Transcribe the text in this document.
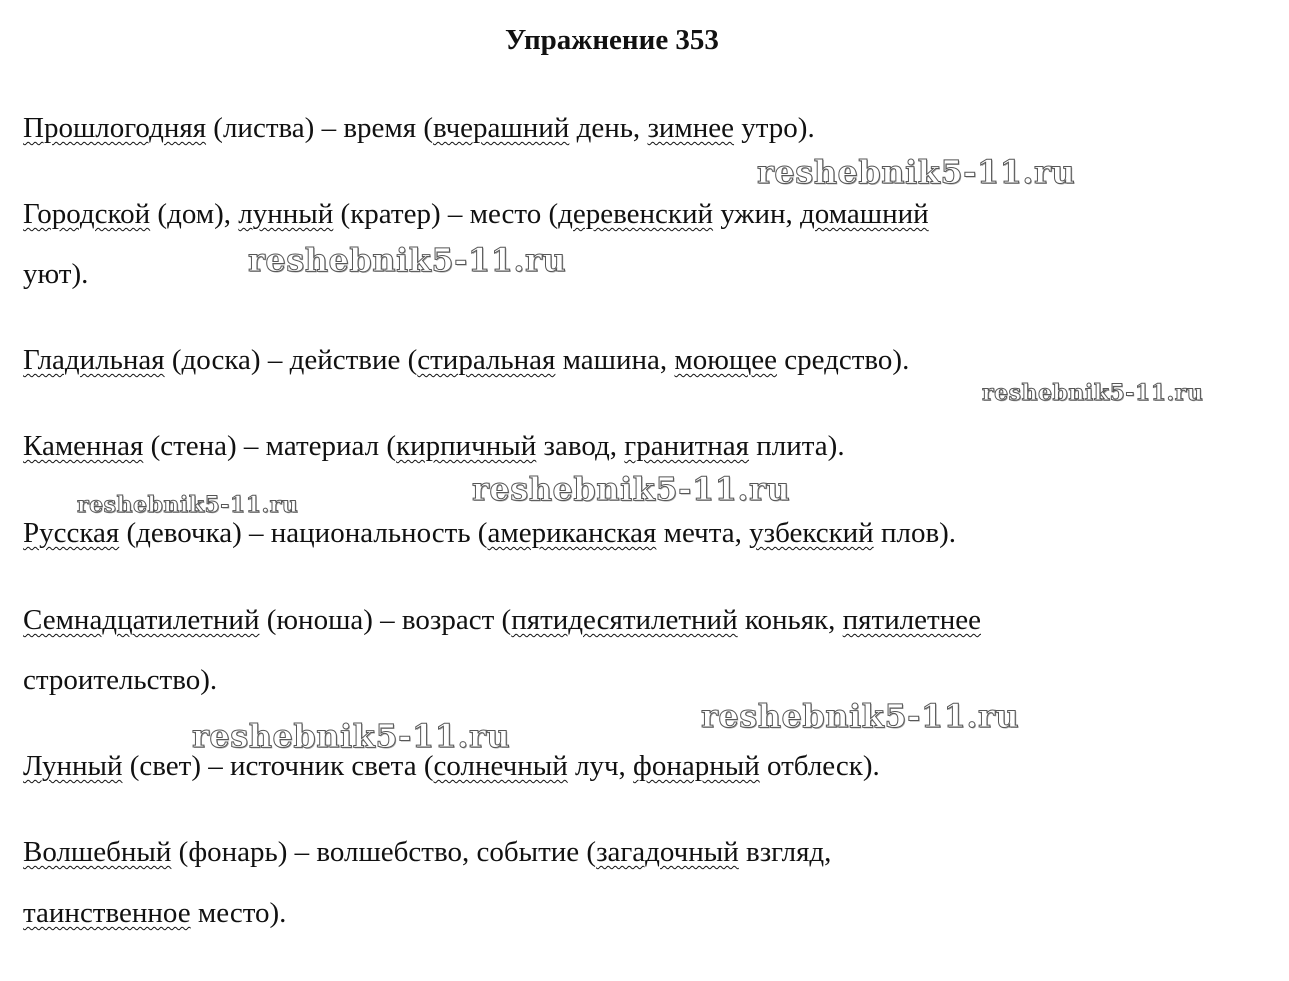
Упражнение 353
Прошлогодняя (листва) – время (вчерашний день, зимнее утро).
Городской (дом), лунный (кратер) – место (деревенский ужин, домашний
уют).
Гладильная (доска) – действие (стиральная машина, моющее средство).
Каменная (стена) – материал (кирпичный завод, гранитная плита).
Русская (девочка) – национальность (американская мечта, узбекский плов).
Семнадцатилетний (юноша) – возраст (пятидесятилетний коньяк, пятилетнее
строительство).
Лунный (свет) – источник света (солнечный луч, фонарный отблеск).
Волшебный (фонарь) – волшебство, событие (загадочный взгляд,
таинственное место).
reshebnik5-11.ru
reshebnik5-11.ru
reshebnik5-11.ru
reshebnik5-11.ru
reshebnik5-11.ru
reshebnik5-11.ru
reshebnik5-11.ru
